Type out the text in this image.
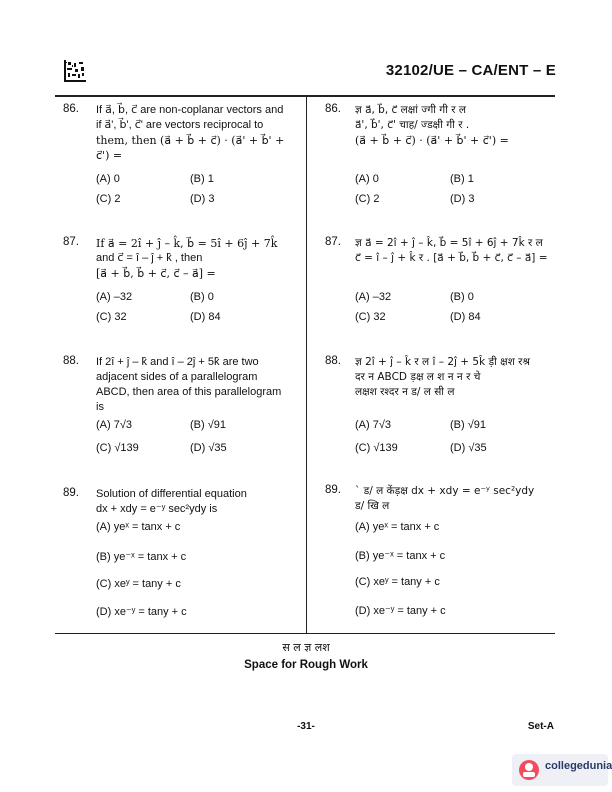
32102/UE – CA/ENT – E
86. If a⃗, b⃗, c⃗ are non-coplanar vectors and
if a⃗', b⃗', c⃗' are vectors reciprocal to
them, then (a⃗ + b⃗ + c⃗) · (a⃗' + b⃗' + c⃗') =
(A) 0	(B) 1
(C) 2	(D) 3
86. ज्ञ a⃗, b⃗, c⃗ लक्षां ज्गी गी र ल
a⃗', b⃗', c⃗' चाह/ ज्डक्षी गी र .
(a⃗ + b⃗ + c⃗) · (a⃗' + b⃗' + c⃗') =
(A) 0	(B) 1
(C) 2	(D) 3
87. If a⃗ = 2î + ĵ – k̂, b⃗ = 5î + 6ĵ + 7k̂
and c⃗ = î – ĵ + k̂ , then
[a⃗ + b⃗, b⃗ + c⃗, c⃗ – a⃗] =
(A) –32	(B) 0
(C) 32	(D) 84
87. ज्ञ a⃗ = 2î + ĵ – k̂, b⃗ = 5î + 6ĵ + 7k̂ र ल
c⃗ = î – ĵ + k̂ र . [a⃗ + b⃗, b⃗ + c⃗, c⃗ – a⃗] =
(A) –32	(B) 0
(C) 32	(D) 84
88. If 2î + ĵ – k̂ and î – 2ĵ + 5k̂ are two
adjacent sides of a parallelogram
ABCD, then area of this parallelogram
is
(A) 7√3	(B) √91
(C) √139	(D) √35
88. ज्ञ 2î + ĵ – k̂ र ल î – 2ĵ + 5k̂ ड़ी क्षश रश्र
दर न ABCD ड़क्ष ल श न न र चे
लक्षश रश्दर न ड/ ल सी ल
(A) 7√3	(B) √91
(C) √139	(D) √35
89. Solution of differential equation
dx + xdy = e⁻ʸ sec²ydy is
(A) yeˣ = tanx + c
(B) ye⁻ˣ = tanx + c
(C) xeʸ = tany + c
(D) xe⁻ʸ = tany + c
89. ` ड/ ल केंड़क्ष dx + xdy = e⁻ʸ sec²ydy
ड/ खि ल
(A) yeˣ = tanx + c
(B) ye⁻ˣ = tanx + c
(C) xeʸ = tany + c
(D) xe⁻ʸ = tany + c
स ल ज्ञ लश
Space for Rough Work
-31-	Set-A
collegedunia
